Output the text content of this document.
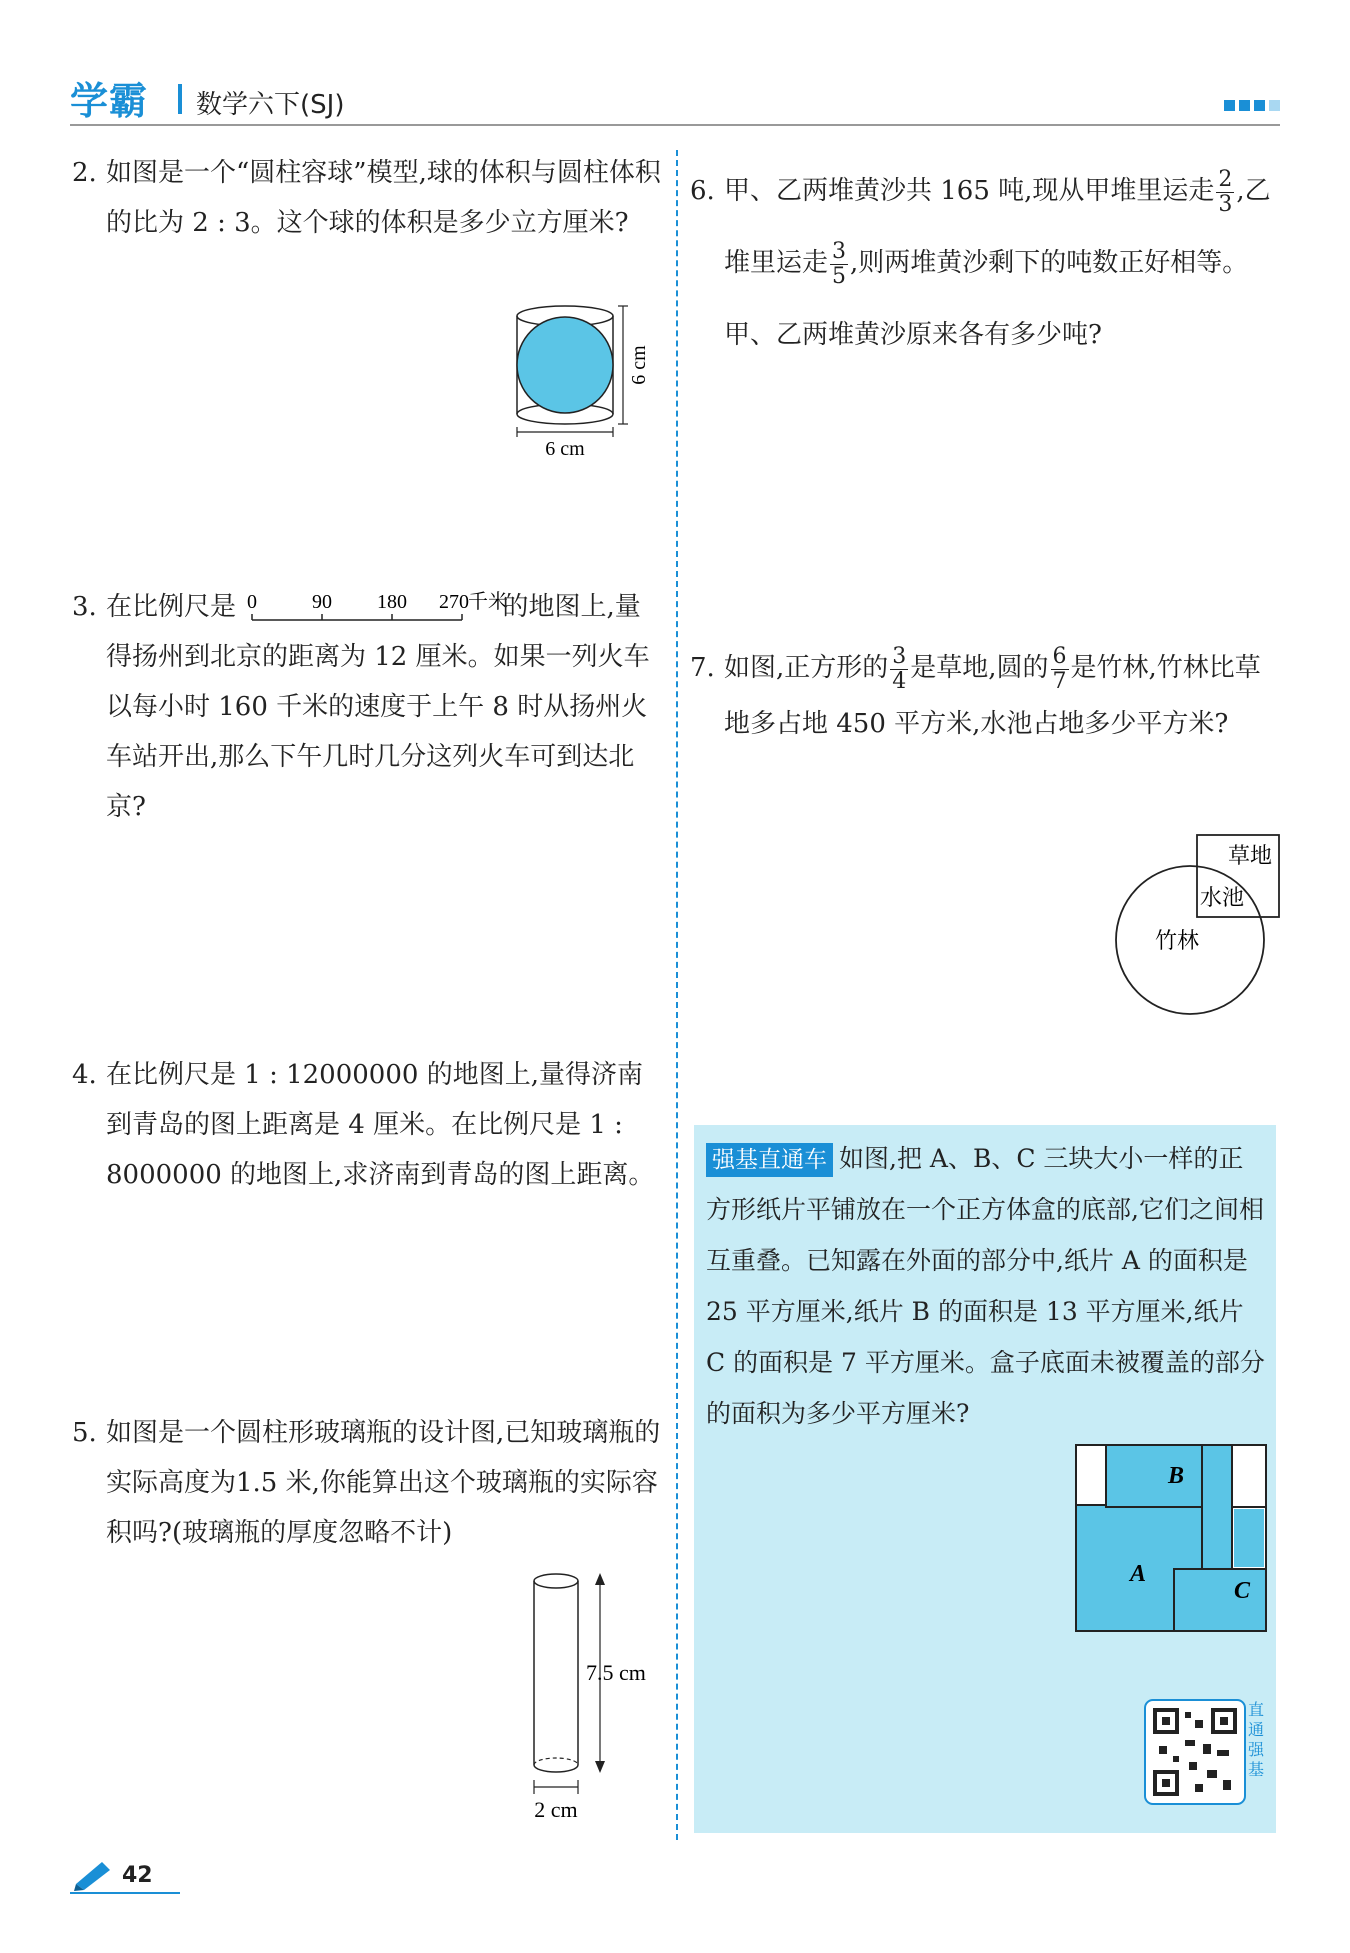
学霸 数学六下(SJ)
2. 如图是一个“圆柱容球”模型,球的体积与圆柱体积的比为 2 : 3。这个球的体积是多少立方厘米?
6 cm
6 cm
3. 在比例尺是 0	90 180 270 千米
的地图上,量得扬州到北京的距离为 12 厘米。如果一列火车以每小时 160 千米的速度于上午 8 时从扬州火车站开出,那么下午几时几分这列火车可到达北京?
4. 在比例尺是 1 : 12000000 的地图上,量得济南到青岛的图上距离是 4 厘米。在比例尺是 1 : 8000000 的地图上,求济南到青岛的图上距离。
5. 如图是一个圆柱形玻璃瓶的设计图,已知玻璃瓶的实际高度为1.5 米,你能算出这个玻璃瓶的实际容积吗?(玻璃瓶的厚度忽略不计)
7.5 cm
2 cm
6. 甲、乙两堆黄沙共 165 吨,现从甲堆里运走 $\frac{2}{3}$ ,乙堆里运走 $\frac{3}{5}$ ,则两堆黄沙剩下的吨数正好相等。甲、乙两堆黄沙原来各有多少吨?
7. 如图,正方形的 $\frac{3}{4}$ 是草地,圆的 $\frac{6}{7}$ 是竹林,竹林比草地多占地 450 平方米,水池占地多少平方米?
草地
水池
竹林
强基直通车 如图,把 A、B、C 三块大小一样的正方形纸片平铺放在一个正方体盒的底部,它们之间相互重叠。已知露在外面的部分中,纸片 A 的面积是 25 平方厘米,纸片 B 的面积是 13 平方厘米,纸片 C 的面积是 7 平方厘米。盒子底面未被覆盖的部分的面积为多少平方厘米?
B
A
C
直通强基
42
